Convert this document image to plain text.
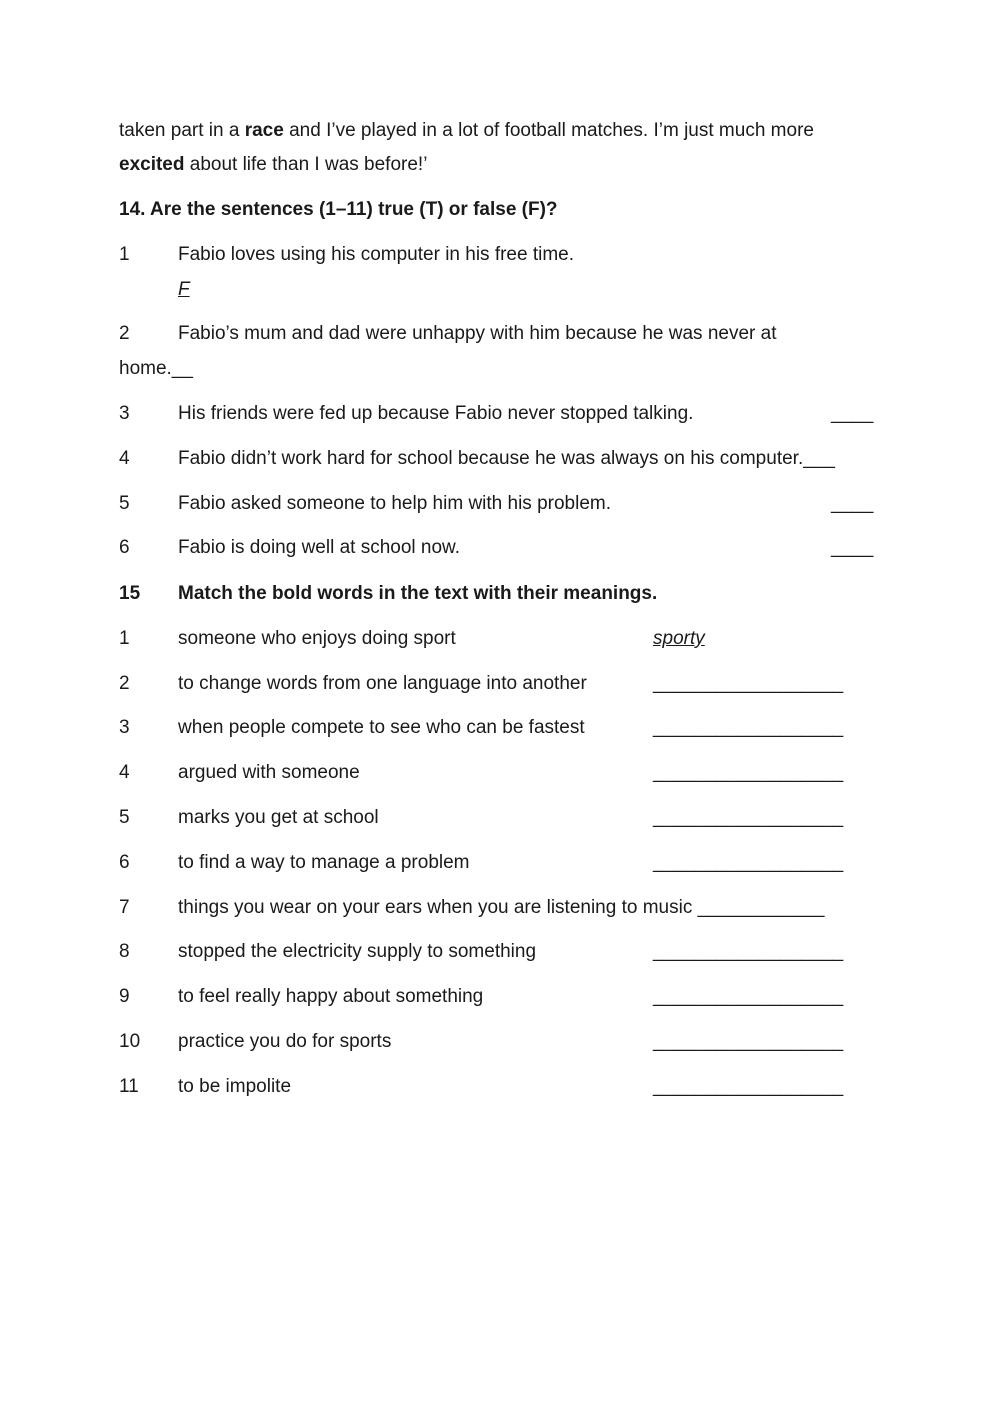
taken part in a race and I’ve played in a lot of football matches. I’m just much more
excited about life than I was before!’
14. Are the sentences (1–11) true (T) or false (F)?
1	Fabio loves using his computer in his free time.
F
2	Fabio’s mum and dad were unhappy with him because he was never at
home.__
3	His friends were fed up because Fabio never stopped talking.	____
4	Fabio didn’t work hard for school because he was always on his computer.___
5	Fabio asked someone to help him with his problem.	____
6	Fabio is doing well at school now.	____
15 Match the bold words in the text with their meanings.
1	someone who enjoys doing sport	sporty
2	to change words from one language into another	__________________
3	when people compete to see who can be fastest	__________________
4	argued with someone	__________________
5	marks you get at school	__________________
6	to find a way to manage a problem	__________________
7	things you wear on your ears when you are listening to music ____________
8	stopped the electricity supply to something	__________________
9	to feel really happy about something	__________________
10 practice you do for sports	__________________
11 to be impolite	__________________
